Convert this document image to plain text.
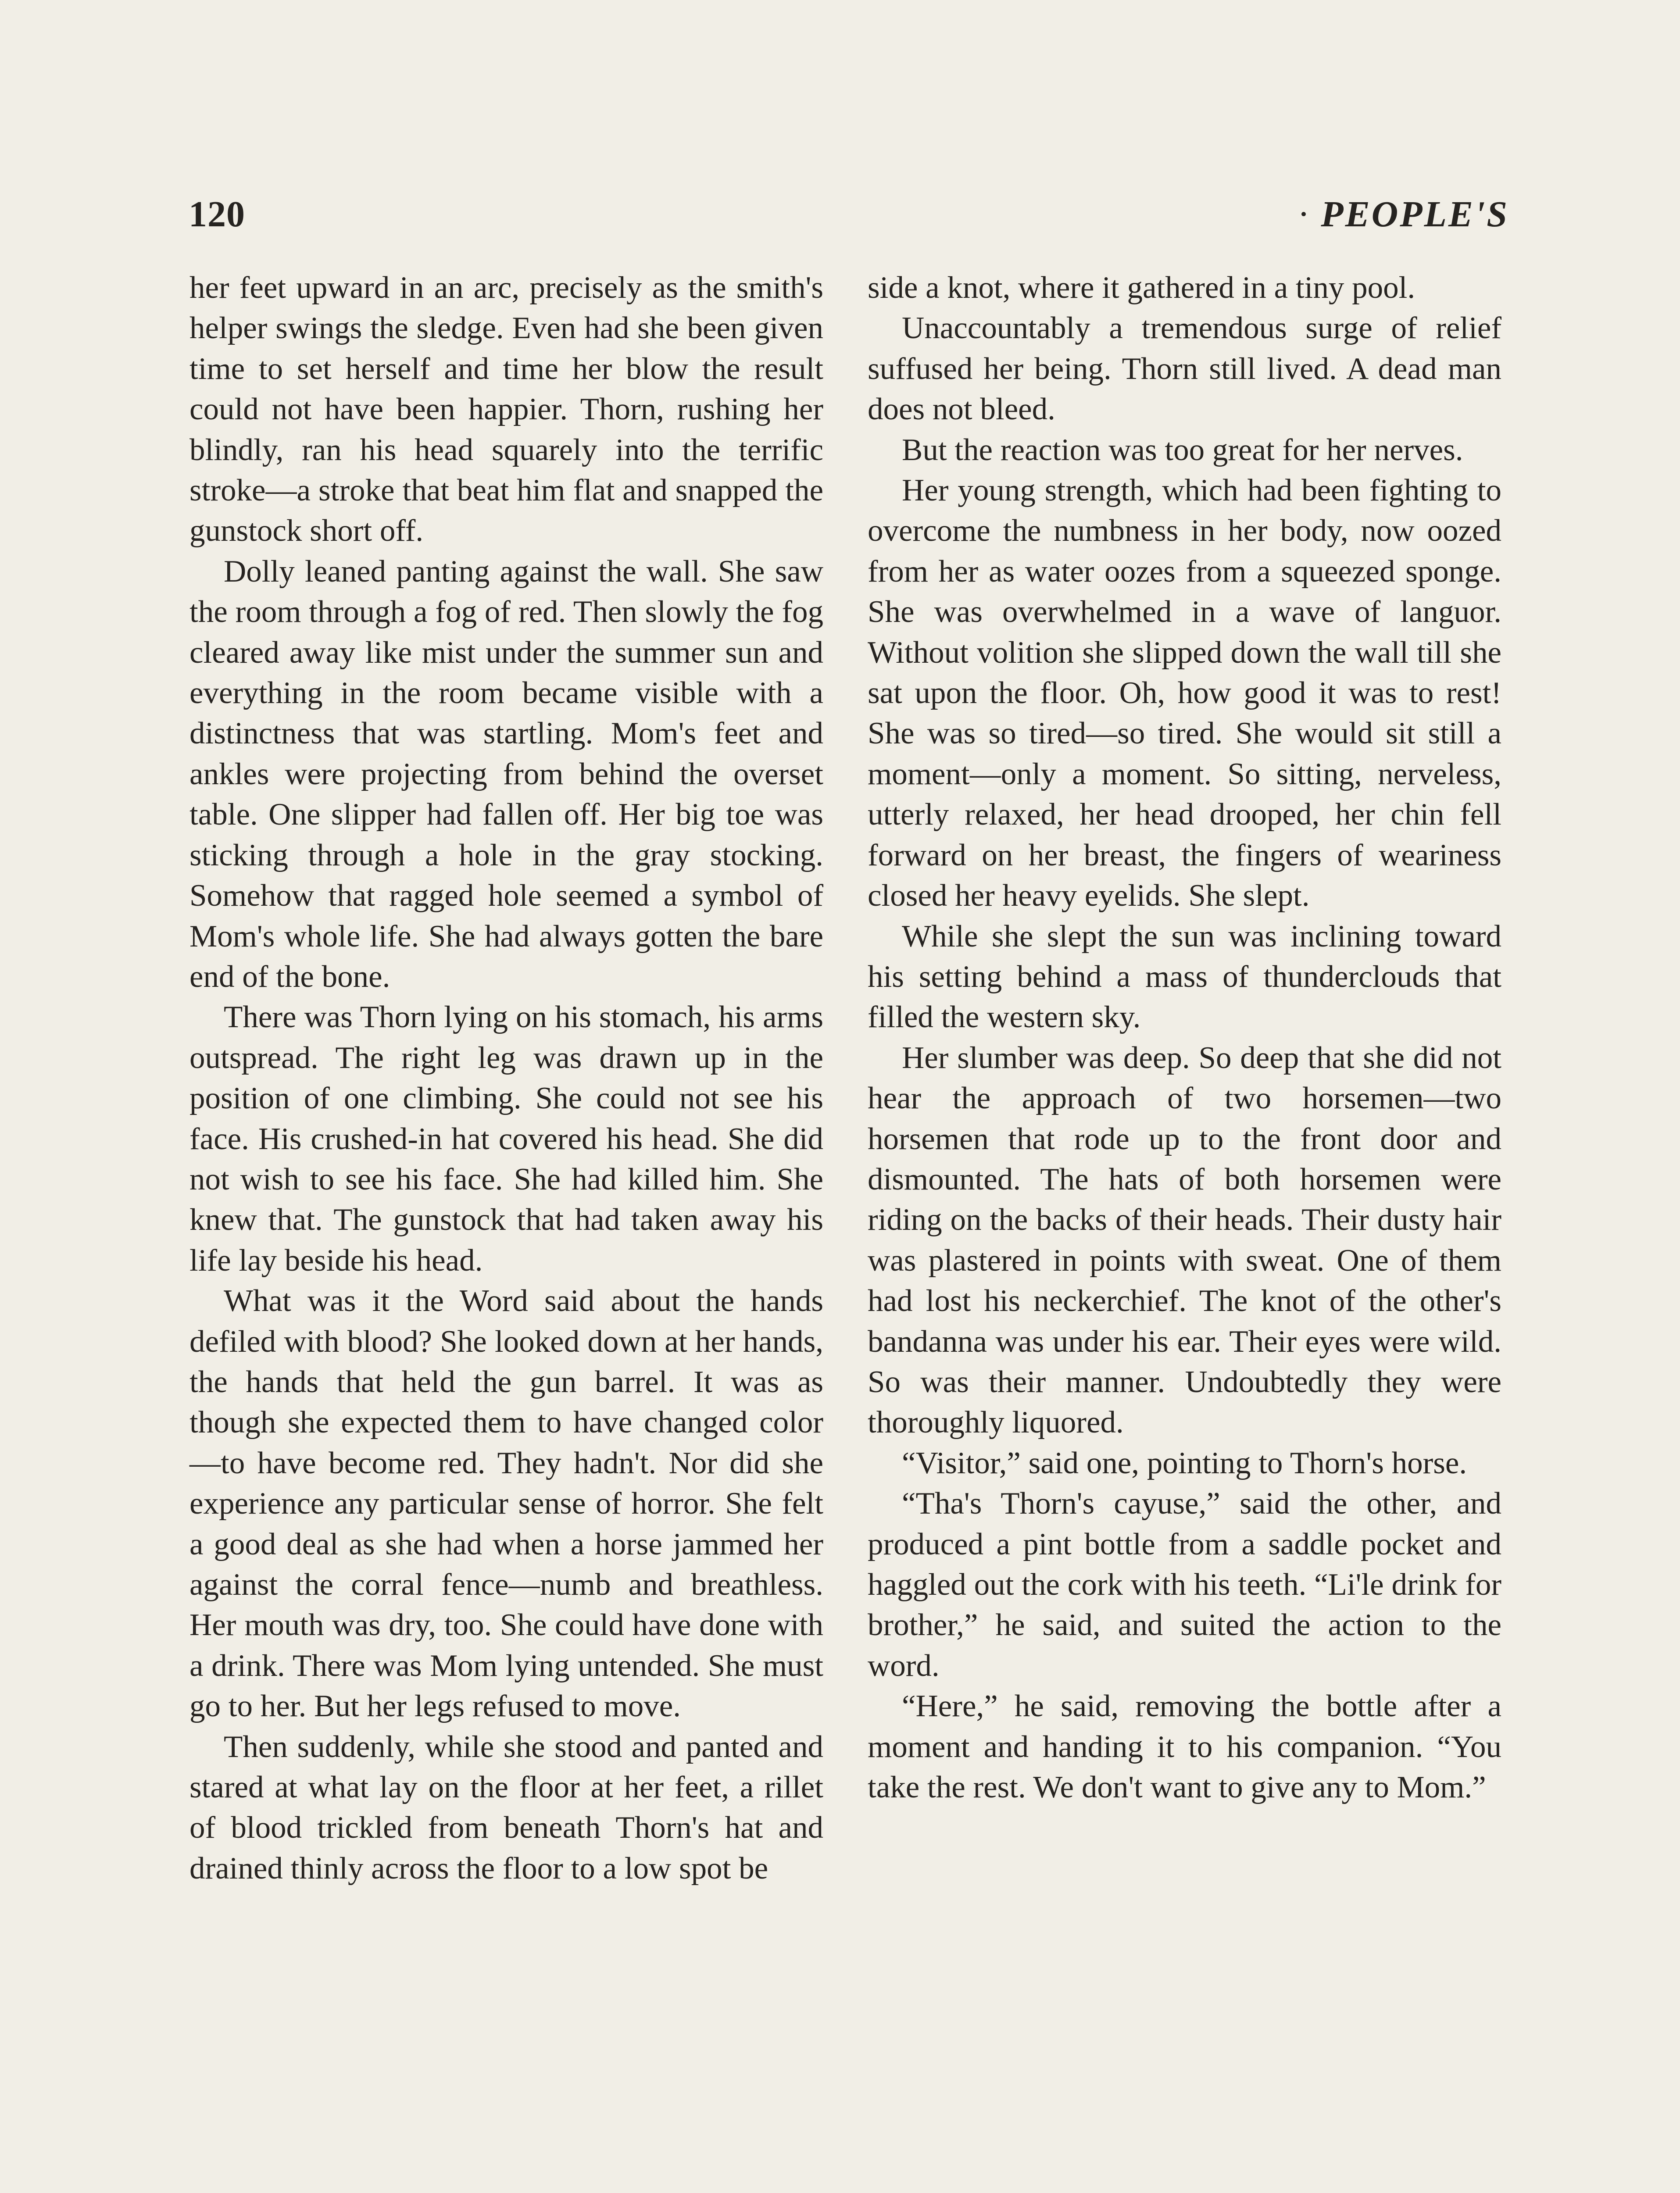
120	· PEOPLE'S

her feet upward in an arc, precisely as the smith's helper swings the sledge. Even had she been given time to set herself and time her blow the result could not have been happier. Thorn, rushing her blindly, ran his head squarely into the terrific stroke—a stroke that beat him flat and snapped the gunstock short off.

Dolly leaned panting against the wall. She saw the room through a fog of red. Then slowly the fog cleared away like mist under the summer sun and everything in the room became visible with a distinctness that was startling. Mom's feet and ankles were projecting from behind the overset table. One slipper had fallen off. Her big toe was sticking through a hole in the gray stocking. Somehow that ragged hole seemed a symbol of Mom's whole life. She had always gotten the bare end of the bone.

There was Thorn lying on his stomach, his arms outspread. The right leg was drawn up in the position of one climbing. She could not see his face. His crushed-in hat covered his head. She did not wish to see his face. She had killed him. She knew that. The gunstock that had taken away his life lay beside his head.

What was it the Word said about the hands defiled with blood? She looked down at her hands, the hands that held the gun barrel. It was as though she expected them to have changed color—to have become red. They hadn't. Nor did she experience any particular sense of horror. She felt a good deal as she had when a horse jammed her against the corral fence—numb and breathless. Her mouth was dry, too. She could have done with a drink. There was Mom lying untended. She must go to her. But her legs refused to move.

Then suddenly, while she stood and panted and stared at what lay on the floor at her feet, a rillet of blood trickled from beneath Thorn's hat and drained thinly across the floor to a low spot be

side a knot, where it gathered in a tiny pool.

Unaccountably a tremendous surge of relief suffused her being. Thorn still lived. A dead man does not bleed.

But the reaction was too great for her nerves.

Her young strength, which had been fighting to overcome the numbness in her body, now oozed from her as water oozes from a squeezed sponge. She was overwhelmed in a wave of languor. Without volition she slipped down the wall till she sat upon the floor. Oh, how good it was to rest! She was so tired—so tired. She would sit still a moment—only a moment. So sitting, nerveless, utterly relaxed, her head drooped, her chin fell forward on her breast, the fingers of weariness closed her heavy eyelids. She slept.

While she slept the sun was inclining toward his setting behind a mass of thunderclouds that filled the western sky.

Her slumber was deep. So deep that she did not hear the approach of two horsemen—two horsemen that rode up to the front door and dismounted. The hats of both horsemen were riding on the backs of their heads. Their dusty hair was plastered in points with sweat. One of them had lost his neckerchief. The knot of the other's bandanna was under his ear. Their eyes were wild. So was their manner. Undoubtedly they were thoroughly liquored.

“Visitor,” said one, pointing to Thorn's horse.

“Tha's Thorn's cayuse,” said the other, and produced a pint bottle from a saddle pocket and haggled out the cork with his teeth. “Li'le drink for brother,” he said, and suited the action to the word.

“Here,” he said, removing the bottle after a moment and handing it to his companion. “You take the rest. We don't want to give any to Mom.”
